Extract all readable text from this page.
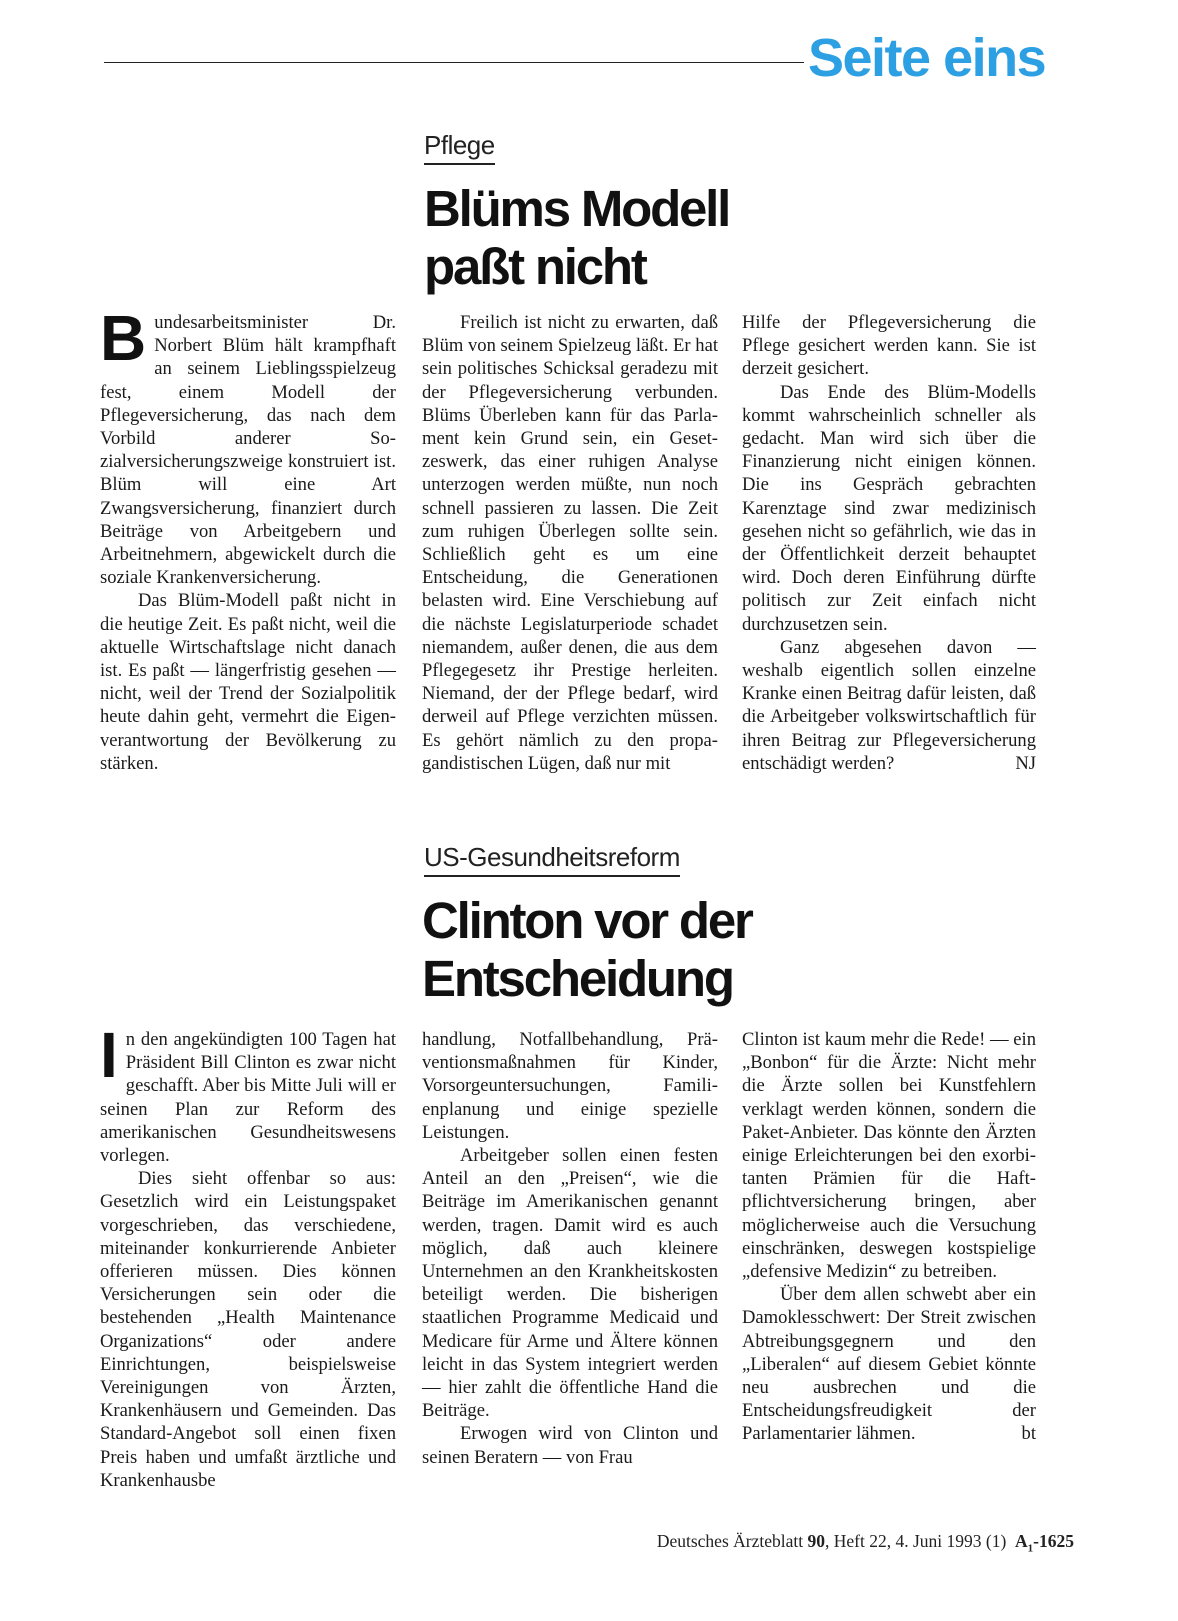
Seite eins
Pflege
Blüms Modell
paßt nicht

Bundesarbeitsminister Dr. Norbert Blüm hält krampfhaft an seinem Lieblingsspielzeug fest, einem Modell der Pflegeversicherung, das nach dem Vorbild anderer Sozialversicherungszweige konstruiert ist. Blüm will eine Art Zwangsversicherung, finanziert durch Beiträge von Arbeitgebern und Arbeitnehmern, abgewickelt durch die soziale Krankenversicherung.

Das Blüm-Modell paßt nicht in die heutige Zeit. Es paßt nicht, weil die aktuelle Wirtschaftslage nicht danach ist. Es paßt — längerfristig gesehen — nicht, weil der Trend der Sozialpolitik heute dahin geht, vermehrt die Eigenverantwortung der Bevölkerung zu stärken.

Freilich ist nicht zu erwarten, daß Blüm von seinem Spielzeug läßt. Er hat sein politisches Schicksal geradezu mit der Pflegeversicherung verbunden. Blüms Überleben kann für das Parlament kein Grund sein, ein Gesetzeswerk, das einer ruhigen Analyse unterzogen werden müßte, nun noch schnell passieren zu lassen. Die Zeit zum ruhigen Überlegen sollte sein. Schließlich geht es um eine Entscheidung, die Generationen belasten wird. Eine Verschiebung auf die nächste Legislaturperiode schadet niemandem, außer denen, die aus dem Pflegegesetz ihr Prestige herleiten. Niemand, der der Pflege bedarf, wird derweil auf Pflege verzichten müssen. Es gehört nämlich zu den propagandistischen Lügen, daß nur mit

Hilfe der Pflegeversicherung die Pflege gesichert werden kann. Sie ist derzeit gesichert.

Das Ende des Blüm-Modells kommt wahrscheinlich schneller als gedacht. Man wird sich über die Finanzierung nicht einigen können. Die ins Gespräch gebrachten Karenztage sind zwar medizinisch gesehen nicht so gefährlich, wie das in der Öffentlichkeit derzeit behauptet wird. Doch deren Einführung dürfte politisch zur Zeit einfach nicht durchzusetzen sein.

Ganz abgesehen davon — weshalb eigentlich sollen einzelne Kranke einen Beitrag dafür leisten, daß die Arbeitgeber volkswirtschaftlich für ihren Beitrag zur Pflegeversicherung entschädigt werden?	NJ

US-Gesundheitsreform
Clinton vor der
Entscheidung

In den angekündigten 100 Tagen hat Präsident Bill Clinton es zwar nicht geschafft. Aber bis Mitte Juli will er seinen Plan zur Reform des amerikanischen Gesundheitswesens vorlegen.

Dies sieht offenbar so aus: Gesetzlich wird ein Leistungspaket vorgeschrieben, das verschiedene, miteinander konkurrierende Anbieter offerieren müssen. Dies können Versicherungen sein oder die bestehenden „Health Maintenance Organizations“ oder andere Einrichtungen, beispielsweise Vereinigungen von Ärzten, Krankenhäusern und Gemeinden. Das Standard-Angebot soll einen fixen Preis haben und umfaßt ärztliche und Krankenhausbe

handlung, Notfallbehandlung, Präventionsmaßnahmen für Kinder, Vorsorgeuntersuchungen, Familienplanung und einige spezielle Leistungen.

Arbeitgeber sollen einen festen Anteil an den „Preisen“, wie die Beiträge im Amerikanischen genannt werden, tragen. Damit wird es auch möglich, daß auch kleinere Unternehmen an den Krankheitskosten beteiligt werden. Die bisherigen staatlichen Programme Medicaid und Medicare für Arme und Ältere können leicht in das System integriert werden — hier zahlt die öffentliche Hand die Beiträge.

Erwogen wird von Clinton und seinen Beratern — von Frau

Clinton ist kaum mehr die Rede! — ein „Bonbon“ für die Ärzte: Nicht mehr die Ärzte sollen bei Kunstfehlern verklagt werden können, sondern die Paket-Anbieter. Das könnte den Ärzten einige Erleichterungen bei den exorbitanten Prämien für die Haftpflichtversicherung bringen, aber möglicherweise auch die Versuchung einschränken, deswegen kostspielige „defensive Medizin“ zu betreiben.

Über dem allen schwebt aber ein Damoklesschwert: Der Streit zwischen Abtreibungsgegnern und den „Liberalen“ auf diesem Gebiet könnte neu ausbrechen und die Entscheidungsfreudigkeit der Parlamentarier lähmen.	bt

Deutsches Ärzteblatt 90, Heft 22, 4. Juni 1993 (1) $A_1-1625$
